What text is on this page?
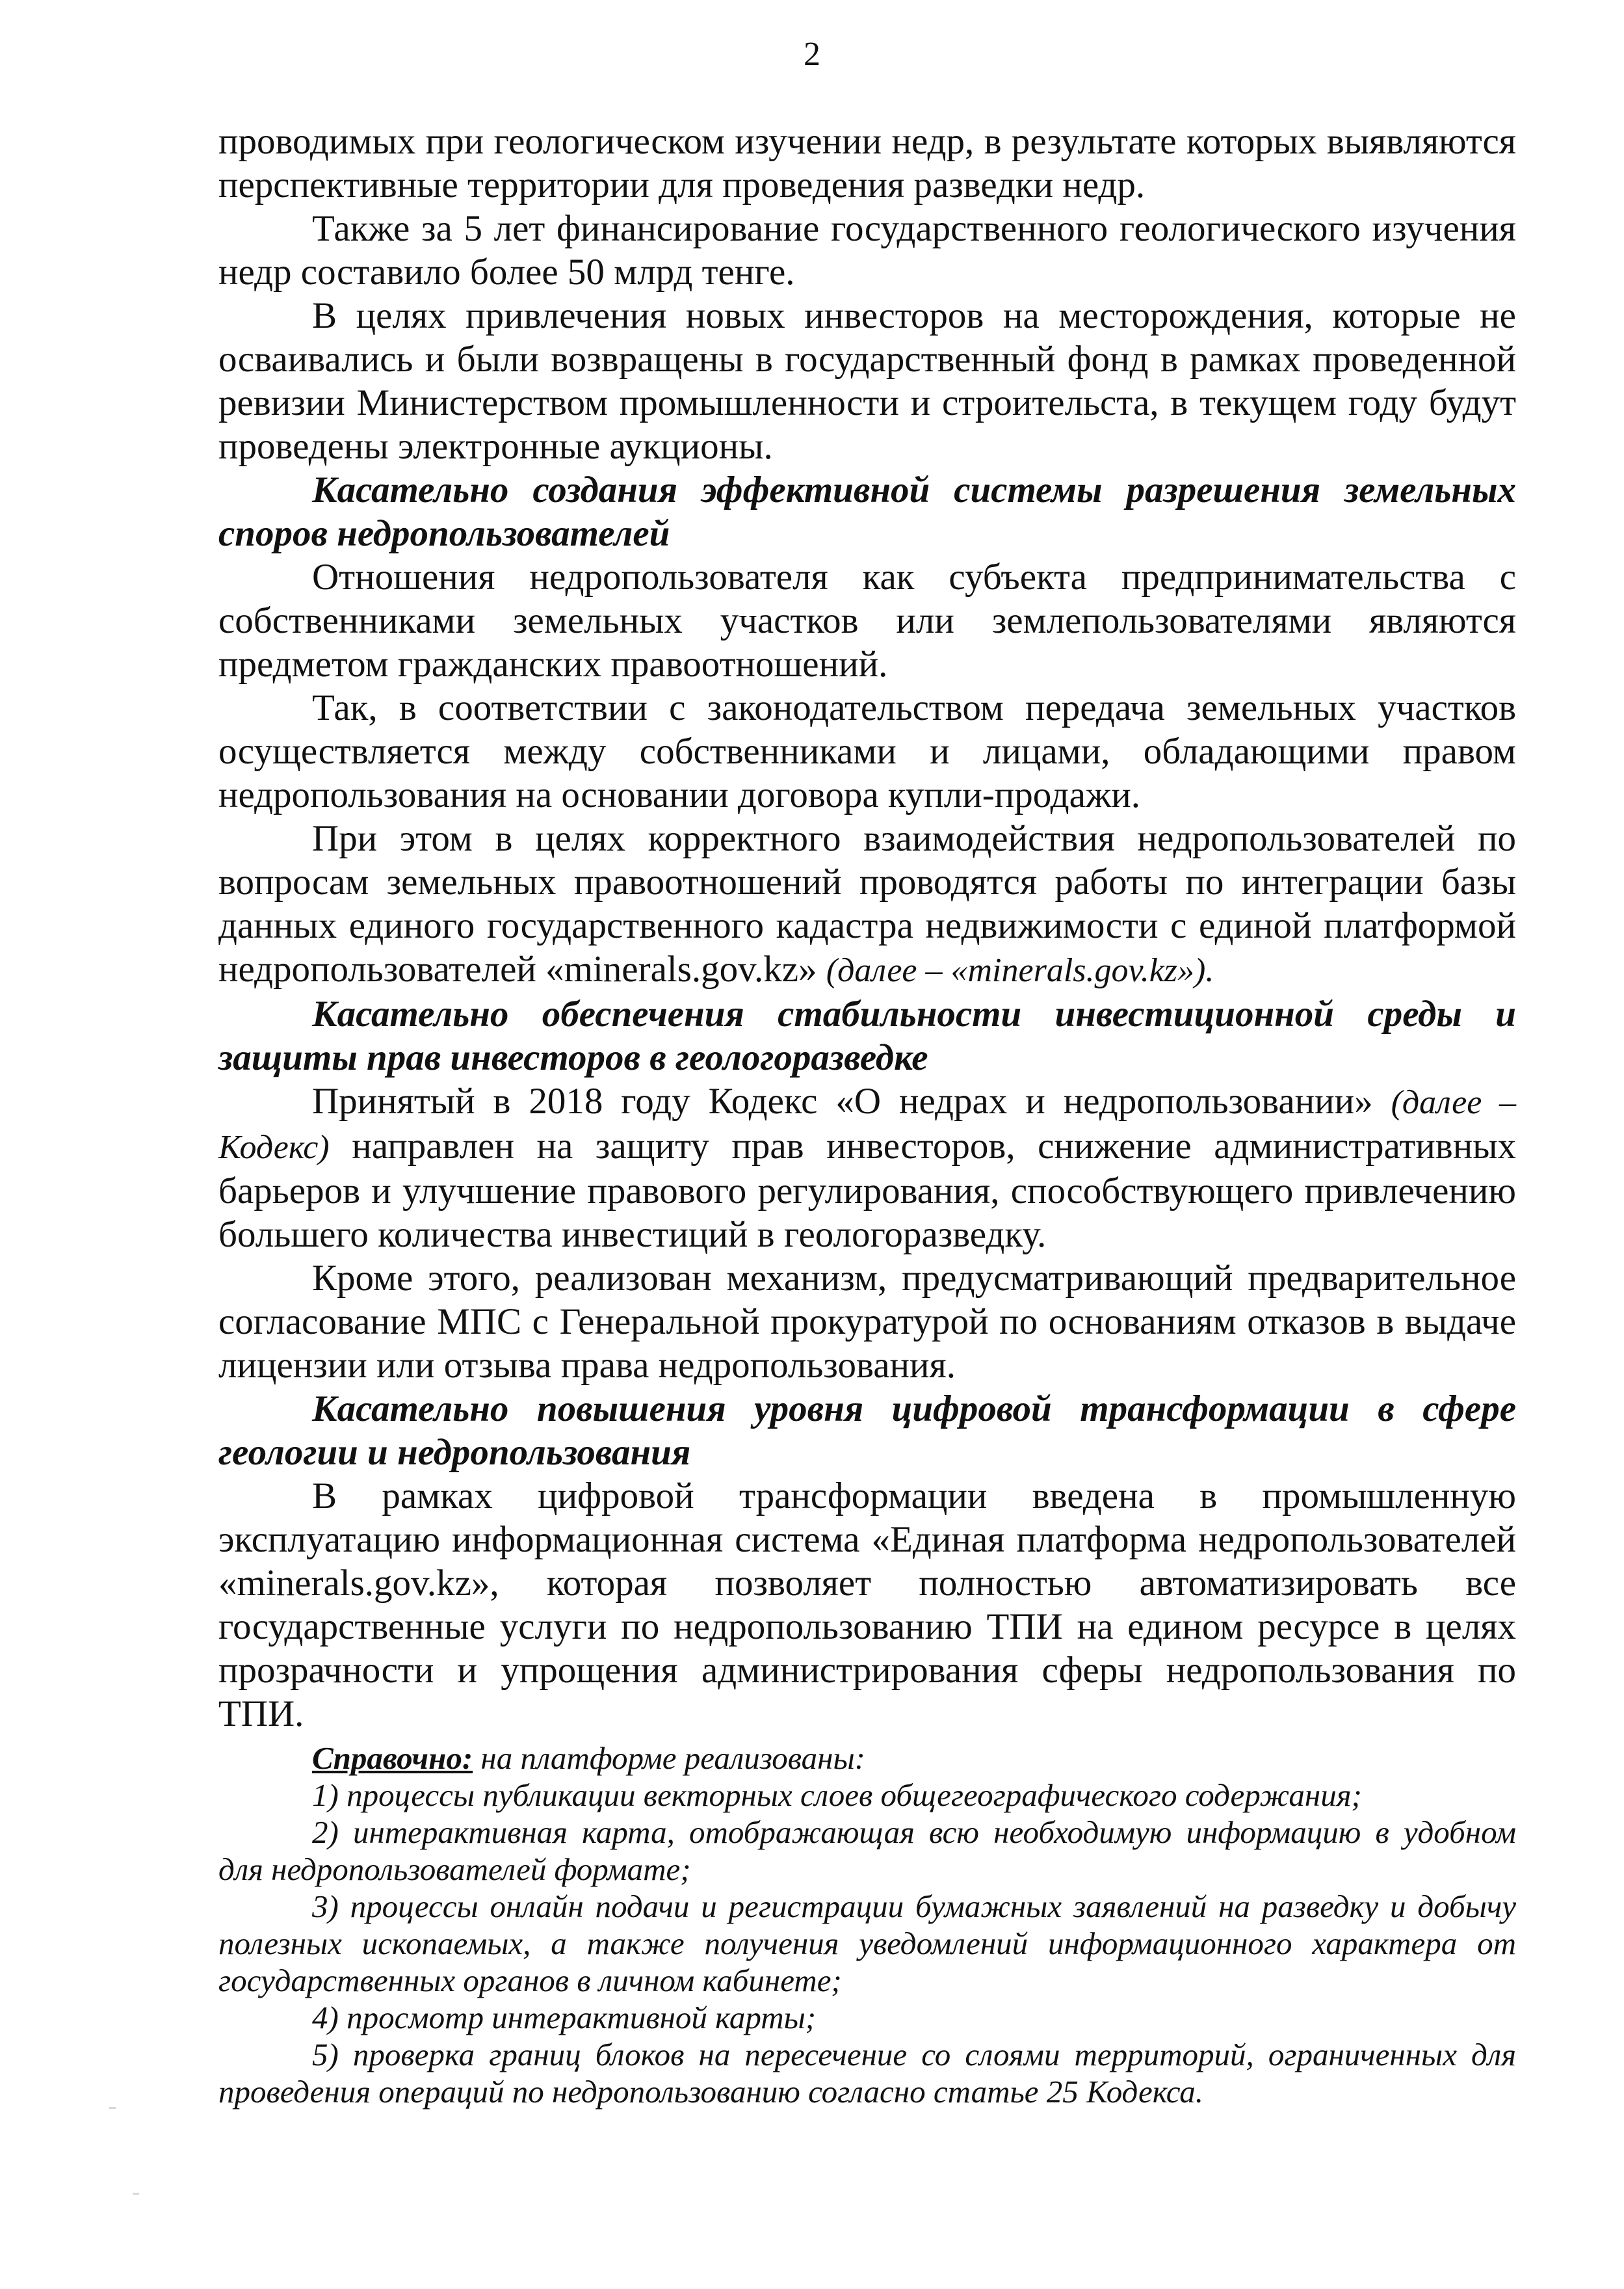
2

проводимых при геологическом изучении недр, в результате которых выявляются перспективные территории для проведения разведки недр.

Также за 5 лет финансирование государственного геологического изучения недр составило более 50 млрд тенге.

В целях привлечения новых инвесторов на месторождения, которые не осваивались и были возвращены в государственный фонд в рамках проведенной ревизии Министерством промышленности и строительста, в текущем году будут проведены электронные аукционы.

Касательно создания эффективной системы разрешения земельных споров недропользователей

Отношения недропользователя как субъекта предпринимательства с собственниками земельных участков или землепользователями являются предметом гражданских правоотношений.

Так, в соответствии с законодательством передача земельных участков осуществляется между собственниками и лицами, обладающими правом недропользования на основании договора купли-продажи.

При этом в целях корректного взаимодействия недропользователей по вопросам земельных правоотношений проводятся работы по интеграции базы данных единого государственного кадастра недвижимости с единой платформой недропользователей «minerals.gov.kz» (далее – «minerals.gov.kz»).

Касательно обеспечения стабильности инвестиционной среды и защиты прав инвесторов в геологоразведке

Принятый в 2018 году Кодекс «О недрах и недропользовании» (далее – Кодекс) направлен на защиту прав инвесторов, снижение административных барьеров и улучшение правового регулирования, способствующего привлечению большего количества инвестиций в геологоразведку.

Кроме этого, реализован механизм, предусматривающий предварительное согласование МПС с Генеральной прокуратурой по основаниям отказов в выдаче лицензии или отзыва права недропользования.

Касательно повышения уровня цифровой трансформации в сфере геологии и недропользования

В рамках цифровой трансформации введена в промышленную эксплуатацию информационная система «Единая платформа недропользователей «minerals.gov.kz», которая позволяет полностью автоматизировать все государственные услуги по недропользованию ТПИ на едином ресурсе в целях прозрачности и упрощения администрирования сферы недропользования по ТПИ.

Справочно: на платформе реализованы:

1) процессы публикации векторных слоев общегеографического содержания;

2) интерактивная карта, отображающая всю необходимую информацию в удобном для недропользователей формате;

3) процессы онлайн подачи и регистрации бумажных заявлений на разведку и добычу полезных ископаемых, а также получения уведомлений информационного характера от государственных органов в личном кабинете;

4) просмотр интерактивной карты;

5) проверка границ блоков на пересечение со слоями территорий, ограниченных для проведения операций по недропользованию согласно статье 25 Кодекса.
